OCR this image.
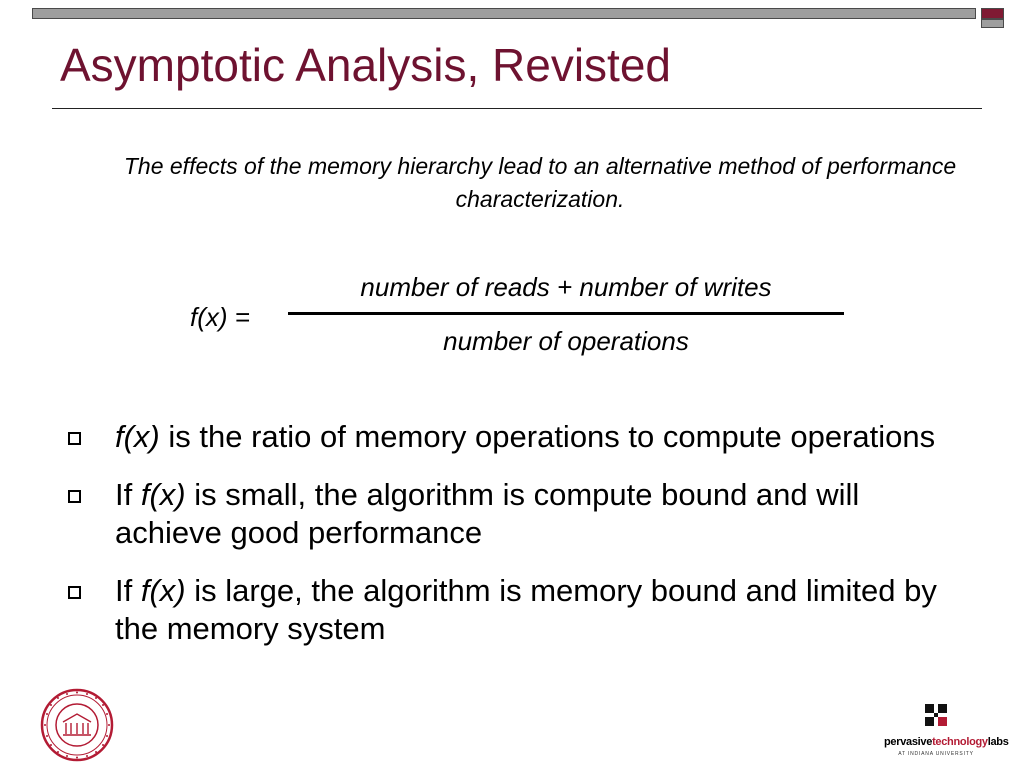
Asymptotic Analysis, Revisted

The effects of the memory hierarchy lead to an alternative method of performance characterization.

f(x) =
number of reads + number of writes
number of operations
f(x) is the ratio of memory operations to compute operations
If f(x) is small, the algorithm is compute bound and will achieve good performance
If f(x) is large, the algorithm is memory bound and limited by the memory system
pervasivetechnologylabs
AT INDIANA UNIVERSITY
